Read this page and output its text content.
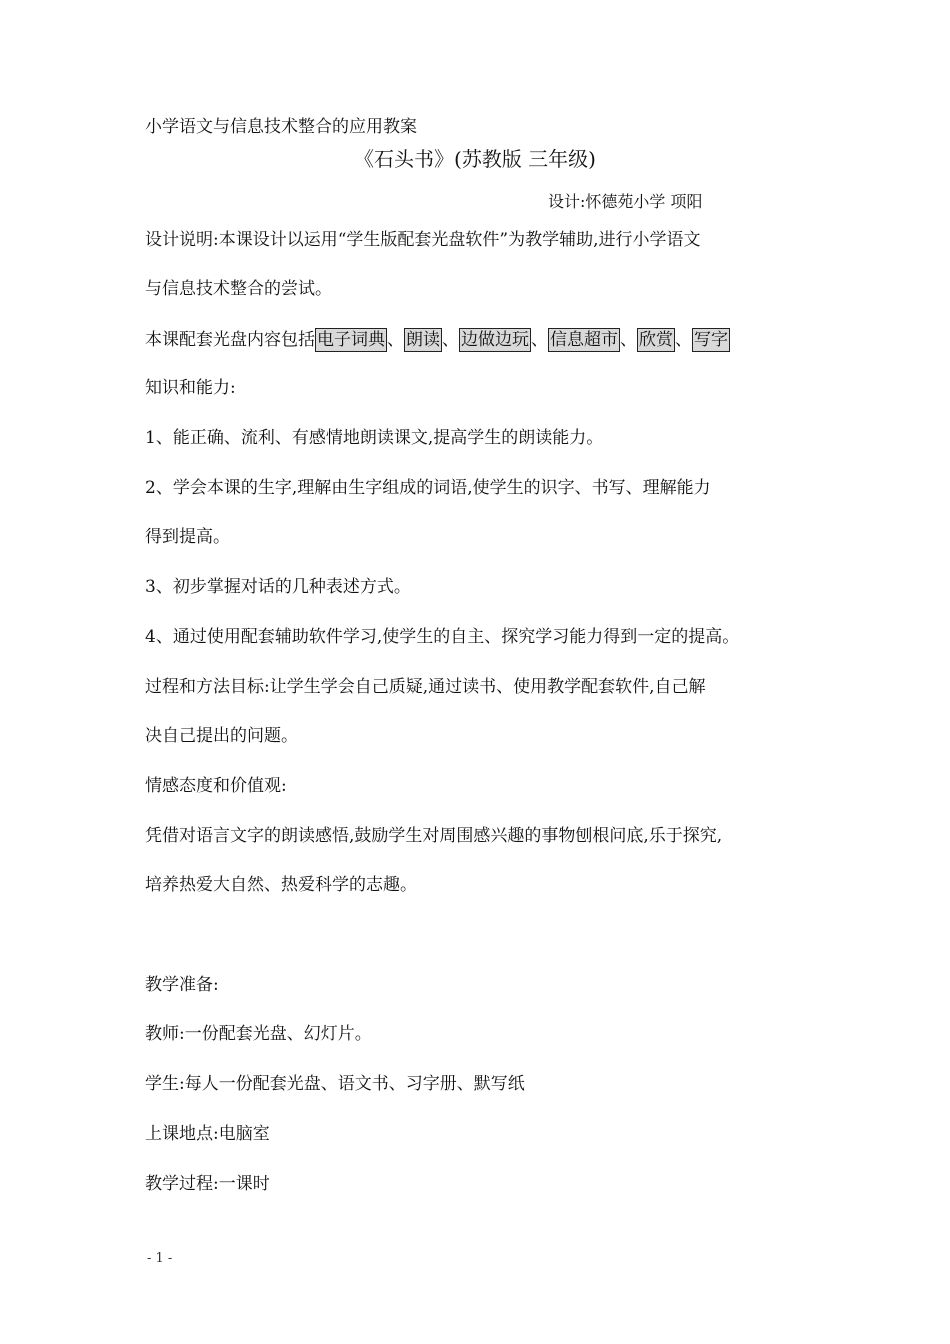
小学语文与信息技术整合的应用教案
《石头书》(苏教版 三年级)
设计:怀德苑小学 项阳
设计说明:本课设计以运用“学生版配套光盘软件”为教学辅助,进行小学语文
与信息技术整合的尝试。
本课配套光盘内容包括 电子词典 、 朗读 、 边做边玩 、 信息超市 、 欣赏 、 写字
知识和能力:
1、能正确、流利、有感情地朗读课文,提高学生的朗读能力。
2、学会本课的生字,理解由生字组成的词语,使学生的识字、书写、理解能力
得到提高。
3、初步掌握对话的几种表述方式。
4、通过使用配套辅助软件学习,使学生的自主、探究学习能力得到一定的提高。
过程和方法目标:让学生学会自己质疑,通过读书、使用教学配套软件,自己解
决自己提出的问题。
情感态度和价值观:
凭借对语言文字的朗读感悟,鼓励学生对周围感兴趣的事物刨根问底,乐于探究,
培养热爱大自然、热爱科学的志趣。
教学准备:
教师:一份配套光盘、幻灯片。
学生:每人一份配套光盘、语文书、习字册、默写纸
上课地点:电脑室
教学过程:一课时
- 1 -
